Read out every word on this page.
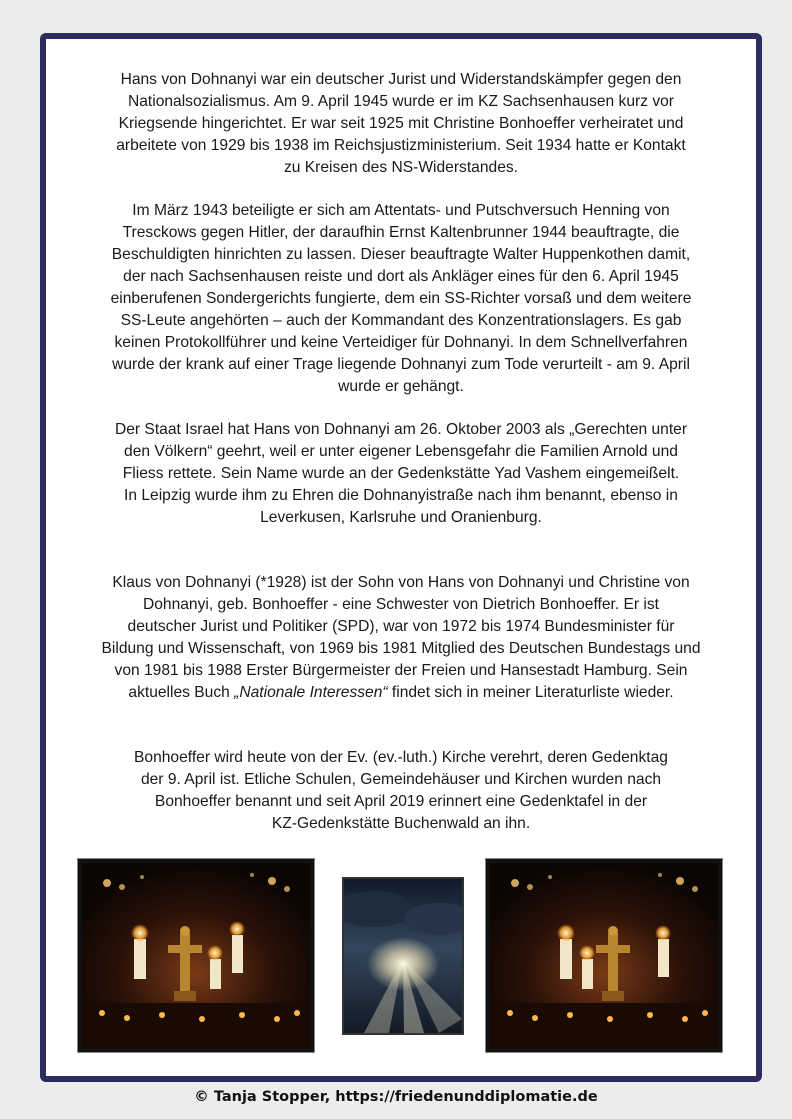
Hans von Dohnanyi war ein deutscher Jurist und Widerstandskämpfer gegen den
Nationalsozialismus. Am 9. April 1945 wurde er im KZ Sachsenhausen kurz vor
Kriegsende hingerichtet. Er war seit 1925 mit Christine Bonhoeffer verheiratet und
arbeitete von 1929 bis 1938 im Reichsjustizministerium. Seit 1934 hatte er Kontakt
zu Kreisen des NS-Widerstandes.

Im März 1943 beteiligte er sich am Attentats- und Putschversuch Henning von
Tresckows gegen Hitler, der daraufhin Ernst Kaltenbrunner 1944 beauftragte, die
Beschuldigten hinrichten zu lassen. Dieser beauftragte Walter Huppenkothen damit,
der nach Sachsenhausen reiste und dort als Ankläger eines für den 6. April 1945
einberufenen Sondergerichts fungierte, dem ein SS-Richter vorsaß und dem weitere
SS-Leute angehörten – auch der Kommandant des Konzentrationslagers. Es gab
keinen Protokollführer und keine Verteidiger für Dohnanyi. In dem Schnellverfahren
wurde der krank auf einer Trage liegende Dohnanyi zum Tode verurteilt - am 9. April
wurde er gehängt.

Der Staat Israel hat Hans von Dohnanyi am 26. Oktober 2003 als „Gerechten unter
den Völkern“ geehrt, weil er unter eigener Lebensgefahr die Familien Arnold und
Fliess rettete. Sein Name wurde an der Gedenkstätte Yad Vashem eingemeißelt.
In Leipzig wurde ihm zu Ehren die Dohnanyistraße nach ihm benannt, ebenso in
Leverkusen, Karlsruhe und Oranienburg.

Klaus von Dohnanyi (*1928) ist der Sohn von Hans von Dohnanyi und Christine von
Dohnanyi, geb. Bonhoeffer - eine Schwester von Dietrich Bonhoeffer. Er ist
deutscher Jurist und Politiker (SPD), war von 1972 bis 1974 Bundesminister für
Bildung und Wissenschaft, von 1969 bis 1981 Mitglied des Deutschen Bundestags und
von 1981 bis 1988 Erster Bürgermeister der Freien und Hansestadt Hamburg. Sein
aktuelles Buch „Nationale Interessen“ findet sich in meiner Literaturliste wieder.

Bonhoeffer wird heute von der Ev. (ev.-luth.) Kirche verehrt, deren Gedenktag
der 9. April ist. Etliche Schulen, Gemeindehäuser und Kirchen wurden nach
Bonhoeffer benannt und seit April 2019 erinnert eine Gedenktafel in der
KZ-Gedenkstätte Buchenwald an ihn.

© Tanja Stopper, https://friedenunddiplomatie.de
